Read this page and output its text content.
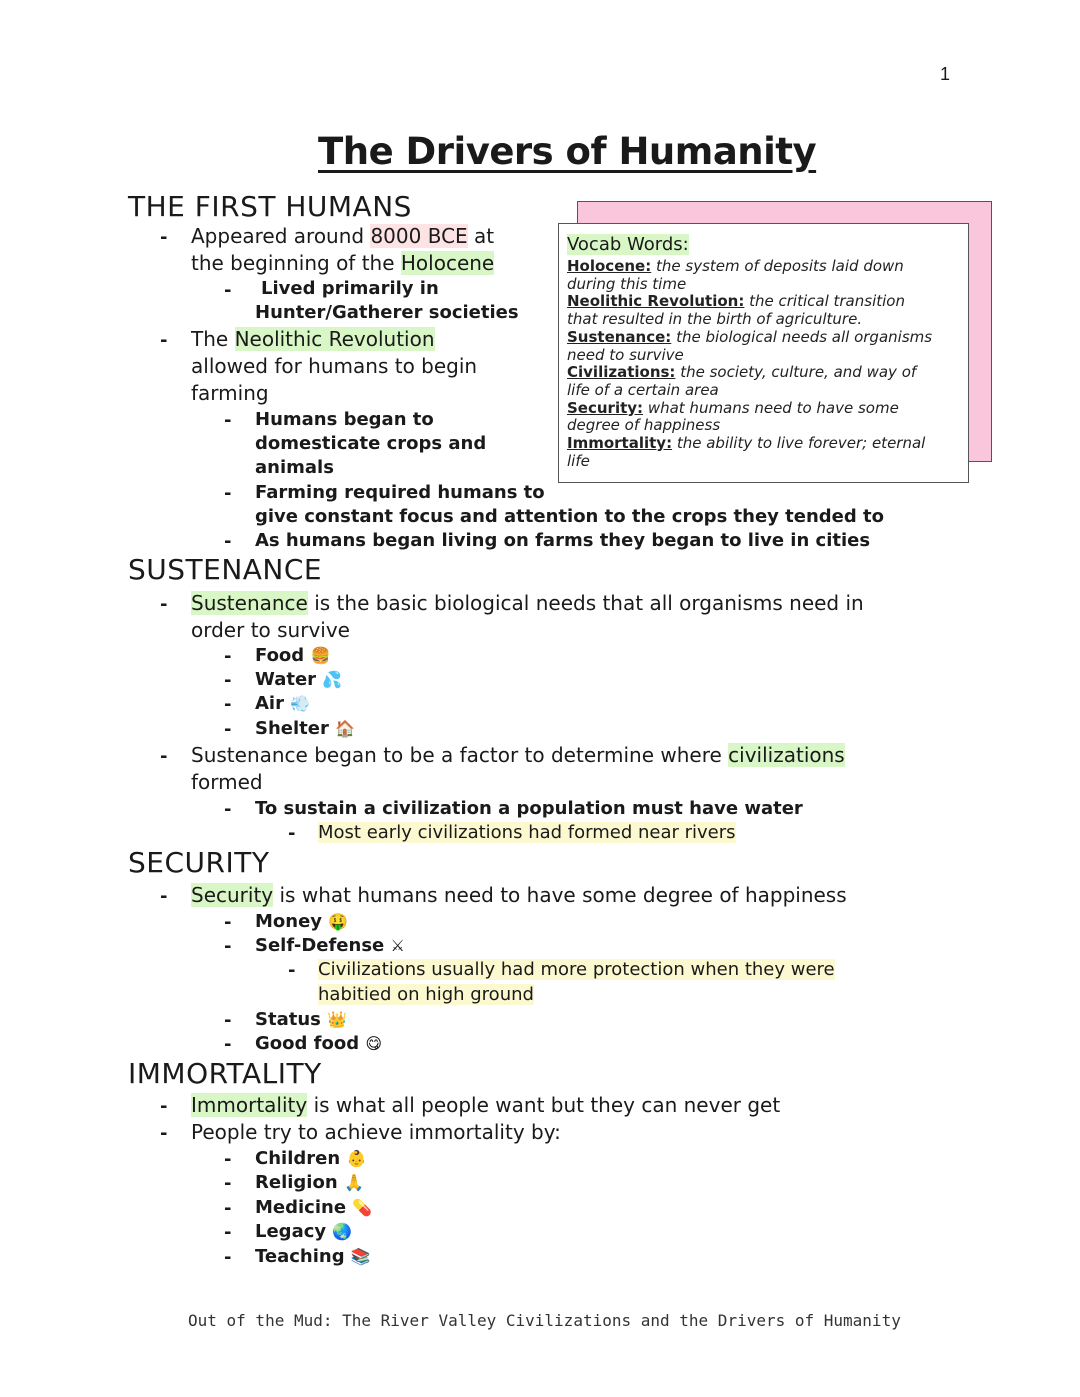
1
The Drivers of Humanity
Vocab Words:
Holocene: the system of deposits laid down
during this time
Neolithic Revolution: the critical transition
that resulted in the birth of agriculture.
Sustenance: the biological needs all organisms
need to survive
Civilizations: the society, culture, and way of
life of a certain area
Security: what humans need to have some
degree of happiness
Immortality: the ability to live forever; eternal
life
THE FIRST HUMANS
- Appeared around 8000 BCE at
the beginning of the Holocene
- Lived primarily in
Hunter/Gatherer societies
- The Neolithic Revolution
allowed for humans to begin
farming
- Humans began to
domesticate crops and
animals
- Farming required humans to
give constant focus and attention to the crops they tended to
- As humans began living on farms they began to live in cities
SUSTENANCE
- Sustenance is the basic biological needs that all organisms need in
order to survive
- Food 🍔
- Water 💦
- Air 💨
- Shelter 🏠
- Sustenance began to be a factor to determine where civilizations
formed
- To sustain a civilization a population must have water
- Most early civilizations had formed near rivers
SECURITY
- Security is what humans need to have some degree of happiness
- Money 🤑
- Self-Defense ⚔
- Civilizations usually had more protection when they were
habitied on high ground
- Status 👑
- Good food 😋
IMMORTALITY
- Immortality is what all people want but they can never get
- People try to achieve immortality by:
- Children 👶
- Religion 🙏
- Medicine 💊
- Legacy 🌏
- Teaching 📚
Out of the Mud: The River Valley Civilizations and the Drivers of Humanity
